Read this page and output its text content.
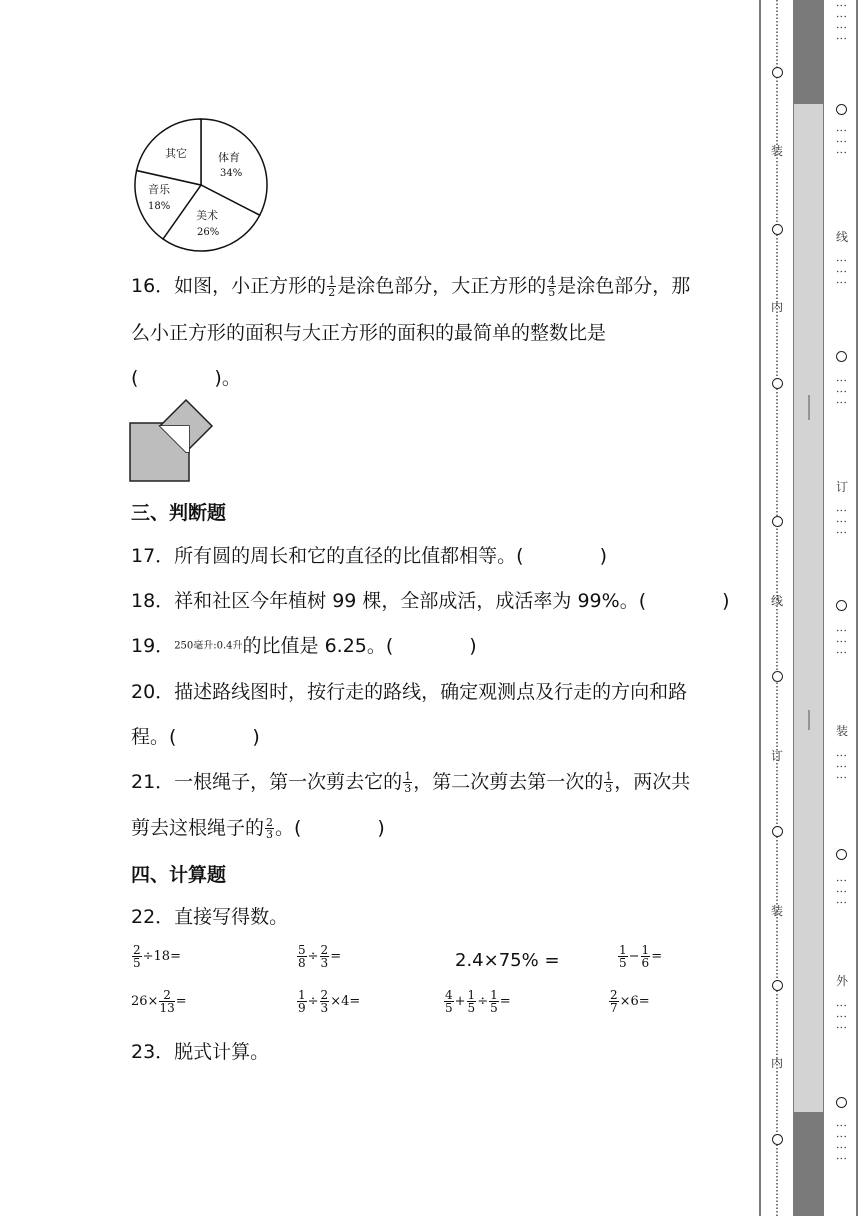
体育
34%
美术
26%
音乐
18%
其它
16．如图，小正方形的 $\frac{1}{2}$ 是涂色部分，大正方形的 $\frac{4}{5}$ 是涂色部分，那
么小正方形的面积与大正方形的面积的最简单的整数比是
(　　　　)。
三、判断题
17．所有圆的周长和它的直径的比值都相等。(　　　　)
18．祥和社区今年植树 99 棵，全部成活，成活率为 99%。(　　　　)
19．250毫升:0.4升的比值是 6.25。(　　　　)
20．描述路线图时，按行走的路线，确定观测点及行走的方向和路
程。(　　　　)
21．一根绳子，第一次剪去它的 $\frac{1}{3}$ ，第二次剪去第一次的 $\frac{1}{3}$ ，两次共
剪去这根绳子的 $\frac{2}{3}$ 。(　　　　)
四、计算题
22．直接写得数。
$\frac{2}{5} \div 18=$	$\frac{5}{8} \div \frac{2}{3}$ =	2.4×75% =	$\frac{1}{5} - \frac{1}{6}$ =
$26\times \frac{2}{13}$ =	$\frac{1}{9} \div \frac{2}{3} \times 4=$	$\frac{4}{5} + \frac{1}{5} \div \frac{1}{5}$ =	$\frac{2}{7} \times 6=$
23．脱式计算。
装
内
线
订
装
内
⋮⋮⋮⋮
⋮⋮⋮
线
⋮⋮⋮
⋮⋮⋮
订
⋮⋮⋮
⋮⋮⋮
装
⋮⋮⋮
⋮⋮⋮
外
⋮⋮⋮
⋮⋮⋮⋮
